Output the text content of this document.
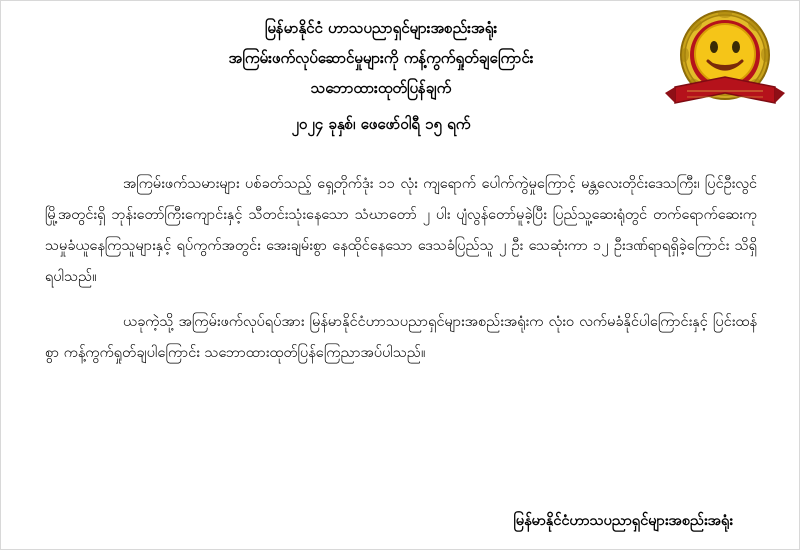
မြန်မာနိုင်ငံ ဟာသပညာရှင်များအစည်းအရုံး
အကြမ်းဖက်လုပ်ဆောင်မှုများကို ကန့်ကွက်ရှုတ်ချကြောင်း
သဘောထားထုတ်ပြန်ချက်
၂၀၂၄ ခုနှစ်၊ ဖေဖော်ဝါရီ ၁၅ ရက်

အကြမ်းဖက်သမားများ ပစ်ခတ်သည့် ရှေ့တိုက်ဒုံး ၁၁ လုံး ကျရောက် ပေါက်ကွဲမှုကြောင့် မန္တလေးတိုင်းဒေသကြီး၊ ပြင်ဦးလွင်မြို့အတွင်းရှိ ဘုန်းတော်ကြီးကျောင်းနှင့် သီတင်းသုံးနေသော သံဃာတော် ၂ ပါး ပျံလွန်တော်မူခဲ့ပြီး ပြည်သူ့ဆေးရုံတွင် တက်ရောက်ဆေးကုသမှုခံယူနေကြသူများနှင့် ရပ်ကွက်အတွင်း အေးချမ်းစွာ နေထိုင်နေသော ဒေသခံပြည်သူ ၂ ဦး သေဆုံးကာ ၁၂ ဦးဒဏ်ရာရရှိခဲ့ကြောင်း သိရှိရပါသည်။

ယခုကဲ့သို့ အကြမ်းဖက်လုပ်ရပ်အား မြန်မာနိုင်ငံဟာသပညာရှင်များအစည်းအရုံးက လုံး၀ လက်မခံနိုင်ပါကြောင်းနှင့် ပြင်းထန်စွာ ကန့်ကွက်ရှုတ်ချပါကြောင်း သဘောထားထုတ်ပြန်ကြေညာအပ်ပါသည်။

မြန်မာနိုင်ငံဟာသပညာရှင်များအစည်းအရုံး
